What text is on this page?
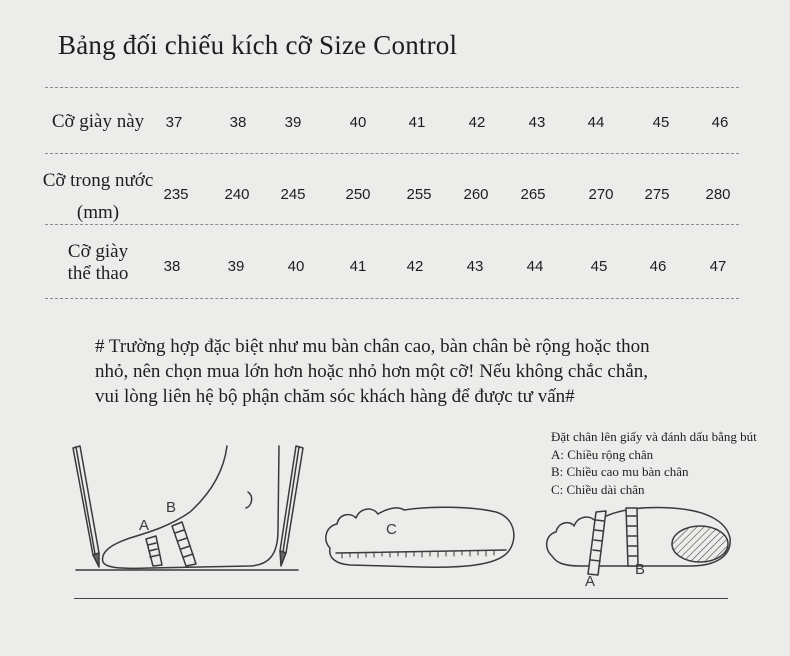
Bảng đối chiếu kích cỡ Size Control
Cỡ giày này	37	38	39	40	41	42	43	44	45	46
Cỡ trong nước
(mm)
235	240	245	250	255	260	265	270	275	280
Cỡ giày
thể thao	38	39	40	41	42	43	44	45	46	47
# Trường hợp đặc biệt như mu bàn chân cao, bàn chân bè rộng hoặc thon
nhỏ, nên chọn mua lớn hơn hoặc nhỏ hơn một cỡ! Nếu không chắc chắn,
vui lòng liên hệ bộ phận chăm sóc khách hàng để được tư vấn#
Đặt chân lên giấy và đánh dấu bằng bút
A: Chiều rộng chân
B: Chiều cao mu bàn chân
C: Chiều dài chân
A
B
C
A
B
